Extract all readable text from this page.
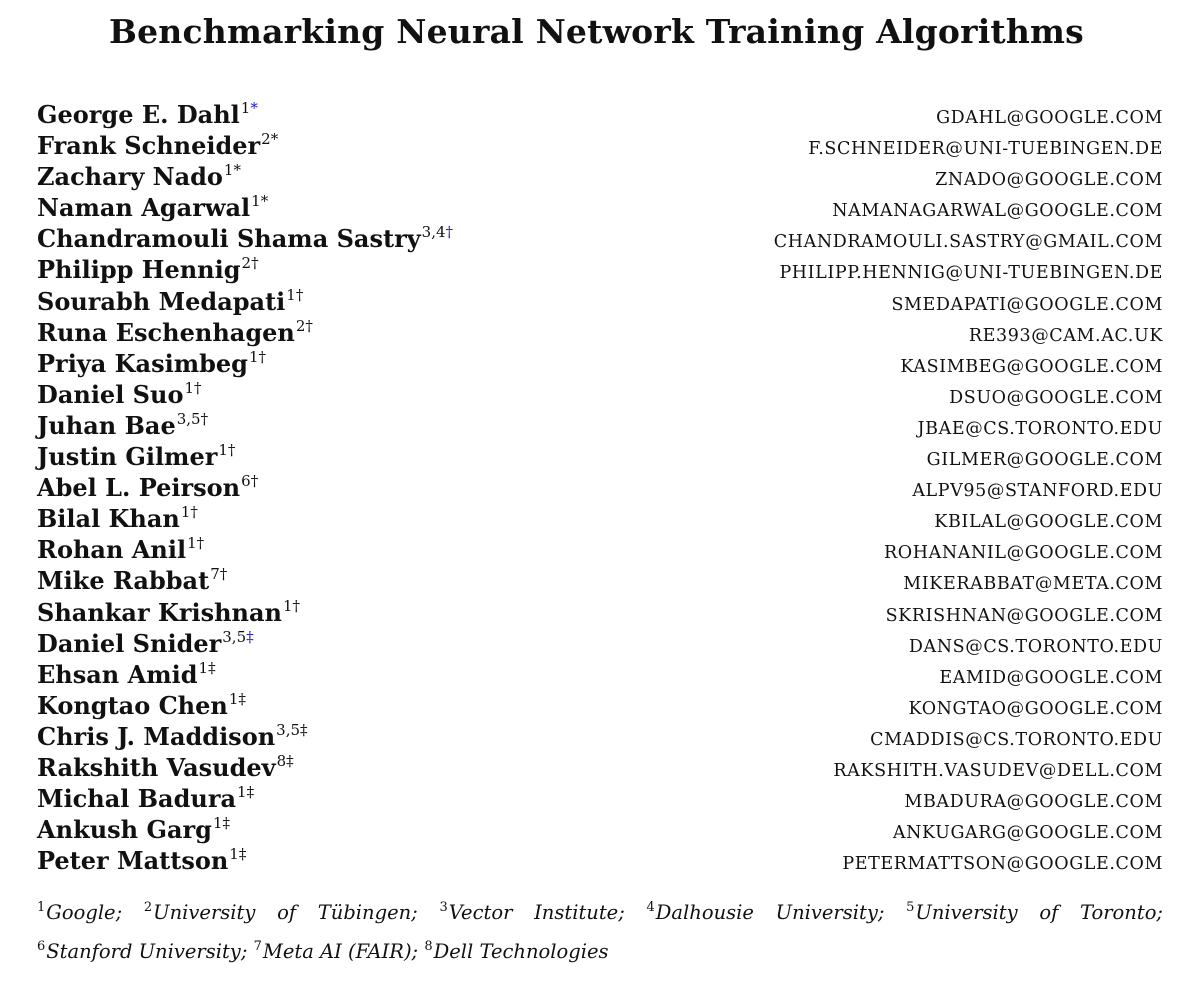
Benchmarking Neural Network Training Algorithms
George E. Dahl1*	GDAHL@GOOGLE.COM
Frank Schneider2*	F.SCHNEIDER@UNI-TUEBINGEN.DE
Zachary Nado1*	ZNADO@GOOGLE.COM
Naman Agarwal1*	NAMANAGARWAL@GOOGLE.COM
Chandramouli Shama Sastry3,4†	CHANDRAMOULI.SASTRY@GMAIL.COM
Philipp Hennig2†	PHILIPP.HENNIG@UNI-TUEBINGEN.DE
Sourabh Medapati1†	SMEDAPATI@GOOGLE.COM
Runa Eschenhagen2†	RE393@CAM.AC.UK
Priya Kasimbeg1†	KASIMBEG@GOOGLE.COM
Daniel Suo1†	DSUO@GOOGLE.COM
Juhan Bae3,5†	JBAE@CS.TORONTO.EDU
Justin Gilmer1†	GILMER@GOOGLE.COM
Abel L. Peirson6†	ALPV95@STANFORD.EDU
Bilal Khan1†	KBILAL@GOOGLE.COM
Rohan Anil1†	ROHANANIL@GOOGLE.COM
Mike Rabbat7†	MIKERABBAT@META.COM
Shankar Krishnan1†	SKRISHNAN@GOOGLE.COM
Daniel Snider3,5‡	DANS@CS.TORONTO.EDU
Ehsan Amid1‡	EAMID@GOOGLE.COM
Kongtao Chen1‡	KONGTAO@GOOGLE.COM
Chris J. Maddison3,5‡	CMADDIS@CS.TORONTO.EDU
Rakshith Vasudev8‡	RAKSHITH.VASUDEV@DELL.COM
Michal Badura1‡	MBADURA@GOOGLE.COM
Ankush Garg1‡	ANKUGARG@GOOGLE.COM
Peter Mattson1‡	PETERMATTSON@GOOGLE.COM
$^1$Google; $^2$University of Tübingen; $^3$Vector Institute; $^4$Dalhousie University; $^5$University of Toronto;
$^6$Stanford University; $^7$Meta AI (FAIR); $^8$Dell Technologies
